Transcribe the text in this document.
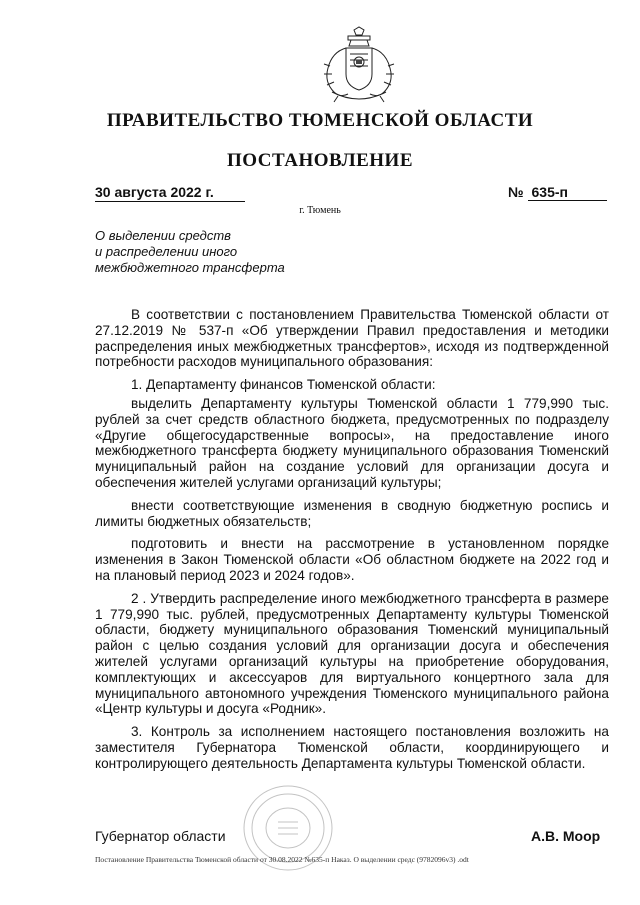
ПРАВИТЕЛЬСТВО ТЮМЕНСКОЙ ОБЛАСТИ
ПОСТАНОВЛЕНИЕ
30 августа 2022 г.	№ 635-п
г. Тюмень
О выделении средств
и распределении иного
межбюджетного трансферта

В соответствии с постановлением Правительства Тюменской области от 27.12.2019 № 537-п «Об утверждении Правил предоставления и методики распределения иных межбюджетных трансфертов», исходя из подтвержденной потребности расходов муниципального образования:

1. Департаменту финансов Тюменской области:

выделить Департаменту культуры Тюменской области 1 779,990 тыс. рублей за счет средств областного бюджета, предусмотренных по подразделу «Другие общегосударственные вопросы», на предоставление иного межбюджетного трансферта бюджету муниципального образования Тюменский муниципальный район на создание условий для организации досуга и обеспечения жителей услугами организаций культуры;

внести соответствующие изменения в сводную бюджетную роспись и лимиты бюджетных обязательств;

подготовить и внести на рассмотрение в установленном порядке изменения в Закон Тюменской области «Об областном бюджете на 2022 год и на плановый период 2023 и 2024 годов».

2 . Утвердить распределение иного межбюджетного трансферта в размере 1 779,990 тыс. рублей, предусмотренных Департаменту культуры Тюменской области, бюджету муниципального образования Тюменский муниципальный район с целью создания условий для организации досуга и обеспечения жителей услугами организаций культуры на приобретение оборудования, комплектующих и аксессуаров для виртуального концертного зала для муниципального автономного учреждения Тюменского муниципального района «Центр культуры и досуга «Родник».

3. Контроль за исполнением настоящего постановления возложить на заместителя Губернатора Тюменской области, координирующего и контролирующего деятельность Департамента культуры Тюменской области.

Губернатор области	А.В. Моор
Постановление Правительства Тюменской области от 30.08.2022 №635-п Наказ. О выделении средс (9782096v3) .odt
